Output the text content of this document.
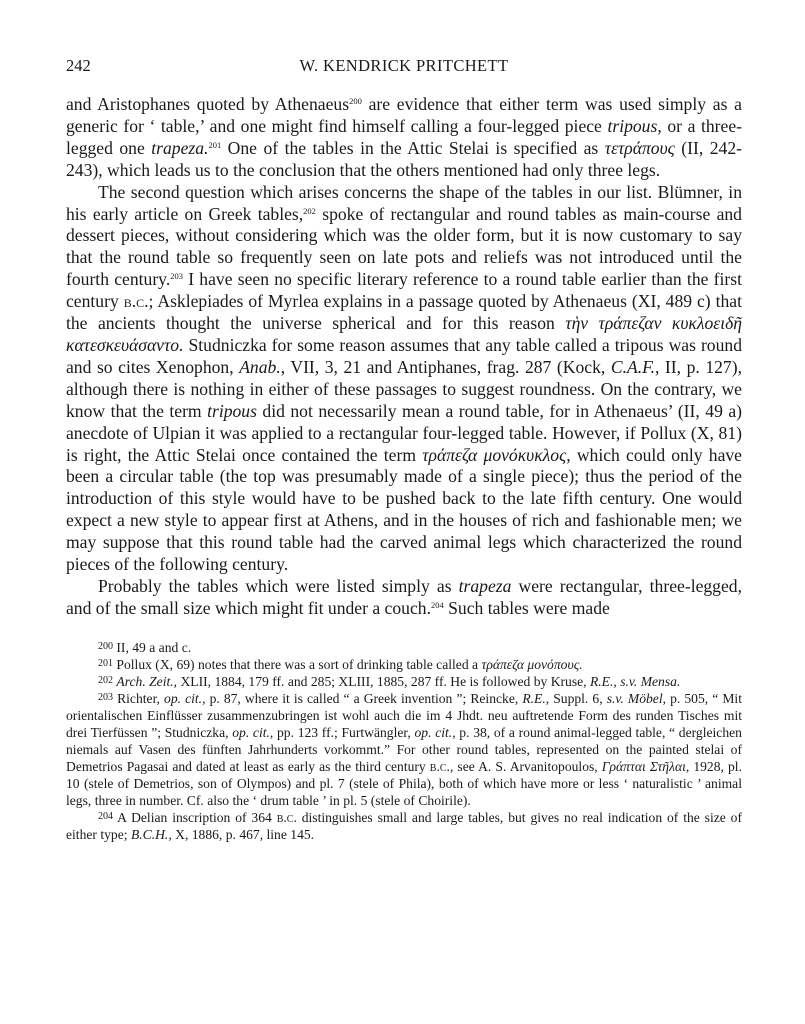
242	W. KENDRICK PRITCHETT

and Aristophanes quoted by Athenaeus$^{200}$ are evidence that either term was used simply as a generic for ‘ table,’ and one might find himself calling a four-legged piece tripous, or a three-legged one trapeza.$^{201}$ One of the tables in the Attic Stelai is specified as τετράπους (II, 242-243), which leads us to the conclusion that the others mentioned had only three legs.

The second question which arises concerns the shape of the tables in our list. Blümner, in his early article on Greek tables,$^{202}$ spoke of rectangular and round tables as main-course and dessert pieces, without considering which was the older form, but it is now customary to say that the round table so frequently seen on late pots and reliefs was not introduced until the fourth century.$^{203}$ I have seen no specific literary reference to a round table earlier than the first century b.c.; Asklepiades of Myrlea explains in a passage quoted by Athenaeus (XI, 489 c) that the ancients thought the universe spherical and for this reason τὴν τράπεζαν κυκλοειδῆ κατεσκευάσαντο. Studniczka for some reason assumes that any table called a tripous was round and so cites Xenophon, Anab., VII, 3, 21 and Antiphanes, frag. 287 (Kock, C.A.F., II, p. 127), although there is nothing in either of these passages to suggest roundness. On the contrary, we know that the term tripous did not necessarily mean a round table, for in Athenaeus’ (II, 49 a) anecdote of Ulpian it was applied to a rectangular four-legged table. However, if Pollux (X, 81) is right, the Attic Stelai once contained the term τράπεζα μονόκυκλος, which could only have been a circular table (the top was presumably made of a single piece); thus the period of the introduction of this style would have to be pushed back to the late fifth century. One would expect a new style to appear first at Athens, and in the houses of rich and fashionable men; we may suppose that this round table had the carved animal legs which characterized the round pieces of the following century.

Probably the tables which were listed simply as trapeza were rectangular, three-legged, and of the small size which might fit under a couch.$^{204}$ Such tables were made

$^{200}$ II, 49 a and c.

$^{201}$ Pollux (X, 69) notes that there was a sort of drinking table called a τράπεζα μονόπους.

$^{202}$ Arch. Zeit., XLII, 1884, 179 ff. and 285; XLIII, 1885, 287 ff. He is followed by Kruse, R.E., s.v. Mensa.

$^{203}$ Richter, op. cit., p. 87, where it is called “ a Greek invention ”; Reincke, R.E., Suppl. 6, s.v. Möbel, p. 505, “ Mit orientalischen Einflüsser zusammenzubringen ist wohl auch die im 4 Jhdt. neu auftretende Form des runden Tisches mit drei Tierfüssen ”; Studniczka, op. cit., pp. 123 ff.; Furtwängler, op. cit., p. 38, of a round animal-legged table, “ dergleichen niemals auf Vasen des fünften Jahrhunderts vorkommt.” For other round tables, represented on the painted stelai of Demetrios Pagasai and dated at least as early as the third century b.c., see A. S. Arvanitopoulos, Γράπται Στῆλαι, 1928, pl. 10 (stele of Demetrios, son of Olympos) and pl. 7 (stele of Phila), both of which have more or less ‘ naturalistic ’ animal legs, three in number. Cf. also the ‘ drum table ’ in pl. 5 (stele of Choirile).

$^{204}$ A Delian inscription of 364 b.c. distinguishes small and large tables, but gives no real indication of the size of either type; B.C.H., X, 1886, p. 467, line 145.
